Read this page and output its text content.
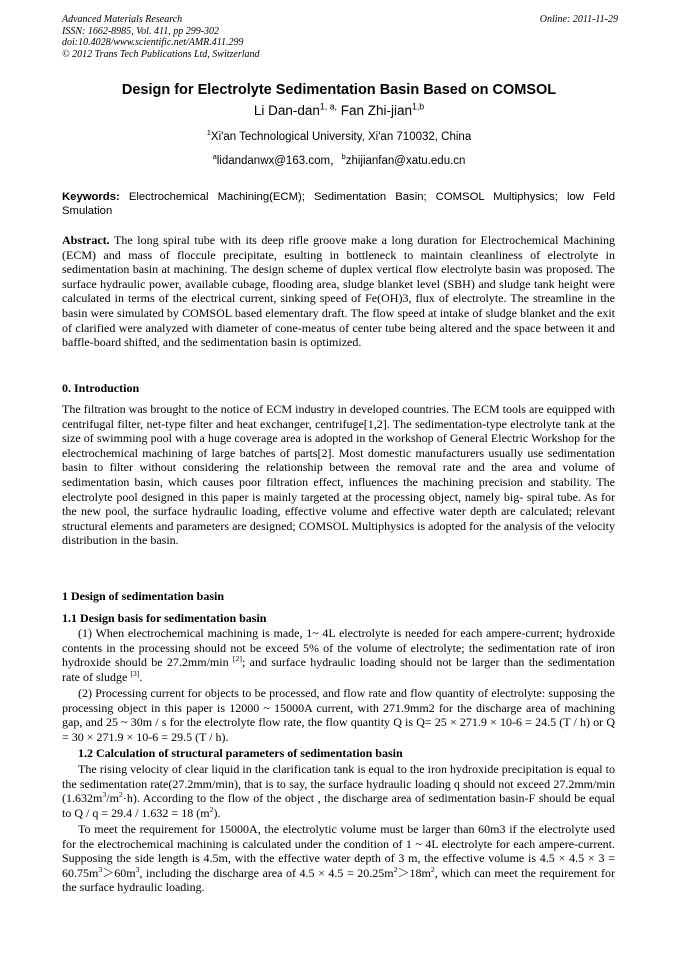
Advanced Materials Research
ISSN: 1662-8985, Vol. 411, pp 299-302
doi:10.4028/www.scientific.net/AMR.411.299
© 2012 Trans Tech Publications Ltd, Switzerland
Online: 2011-11-29
Design for Electrolyte Sedimentation Basin Based on COMSOL
Li Dan-dan$^{1, a,}$ Fan Zhi-jian$^{1,b}$
$^1$Xi'an Technological University, Xi'an 710032, China
$^a$lidandanwx@163.com，$^b$zhijianfan@xatu.edu.cn
Keywords: Electrochemical Machining(ECM); Sedimentation Basin; COMSOL Multiphysics; low Feld Smulation
Abstract. The long spiral tube with its deep rifle groove make a long duration for Electrochemical Machining (ECM) and mass of floccule precipitate, esulting in bottleneck to maintain cleanliness of electrolyte in sedimentation basin at machining. The design scheme of duplex vertical flow electrolyte basin was proposed. The surface hydraulic power, available cubage, flooding area, sludge blanket level (SBH) and sludge tank height were calculated in terms of the electrical current, sinking speed of Fe(OH)3, flux of electrolyte. The streamline in the basin were simulated by COMSOL based elementary draft. The flow speed at intake of sludge blanket and the exit of clarified were analyzed with diameter of cone-meatus of center tube being altered and the space between it and baffle-board shifted, and the sedimentation basin is optimized.
0. Introduction
The filtration was brought to the notice of ECM industry in developed countries. The ECM tools are equipped with centrifugal filter, net-type filter and heat exchanger, centrifuge[1,2]. The sedimentation-type electrolyte tank at the size of swimming pool with a huge coverage area is adopted in the workshop of General Electric Workshop for the electrochemical machining of large batches of parts[2]. Most domestic manufacturers usually use sedimentation basin to filter without considering the relationship between the removal rate and the area and volume of sedimentation basin, which causes poor filtration effect, influences the machining precision and stability. The electrolyte pool designed in this paper is mainly targeted at the processing object, namely big- spiral tube. As for the new pool, the surface hydraulic loading, effective volume and effective water depth are calculated; relevant structural elements and parameters are designed; COMSOL Multiphysics is adopted for the analysis of the velocity distribution in the basin.
1 Design of sedimentation basin
1.1 Design basis for sedimentation basin
(1) When electrochemical machining is made, 1~ 4L electrolyte is needed for each ampere-current; hydroxide contents in the processing should not be exceed 5% of the volume of electrolyte; the sedimentation rate of iron hydroxide should be 27.2mm/min [2]; and surface hydraulic loading should not be larger than the sedimentation rate of sludge [3].
(2) Processing current for objects to be processed, and flow rate and flow quantity of electrolyte: supposing the processing object in this paper is 12000 ~ 15000A current, with 271.9mm2 for the discharge area of machining gap, and 25 ~ 30m / s for the electrolyte flow rate, the flow quantity Q is Q= 25 × 271.9 × 10-6 = 24.5 (T / h) or Q = 30 × 271.9 × 10-6 = 29.5 (T / h).
1.2 Calculation of structural parameters of sedimentation basin
The rising velocity of clear liquid in the clarification tank is equal to the iron hydroxide precipitation is equal to the sedimentation rate(27.2mm/min), that is to say, the surface hydraulic loading q should not exceed 27.2mm/min $(1.632m^3/m^2\cdot h)$. According to the flow of the object , the discharge area of sedimentation basin-F should be equal to Q / q = 29.4 / 1.632 = 18 $(m^2)$.
To meet the requirement for 15000A, the electrolytic volume must be larger than 60m3 if the electrolyte used for the electrochemical machining is calculated under the condition of 1 ~ 4L electrolyte for each ampere-current. Supposing the side length is 4.5m, with the effective water depth of 3 m, the effective volume is $4.5 \times 4.5 \times 3 = 60.75m^3>60m^3$, including the discharge area of $4.5 \times 4.5 = 20.25m^2>18m^2$, which can meet the requirement for the surface hydraulic loading.
